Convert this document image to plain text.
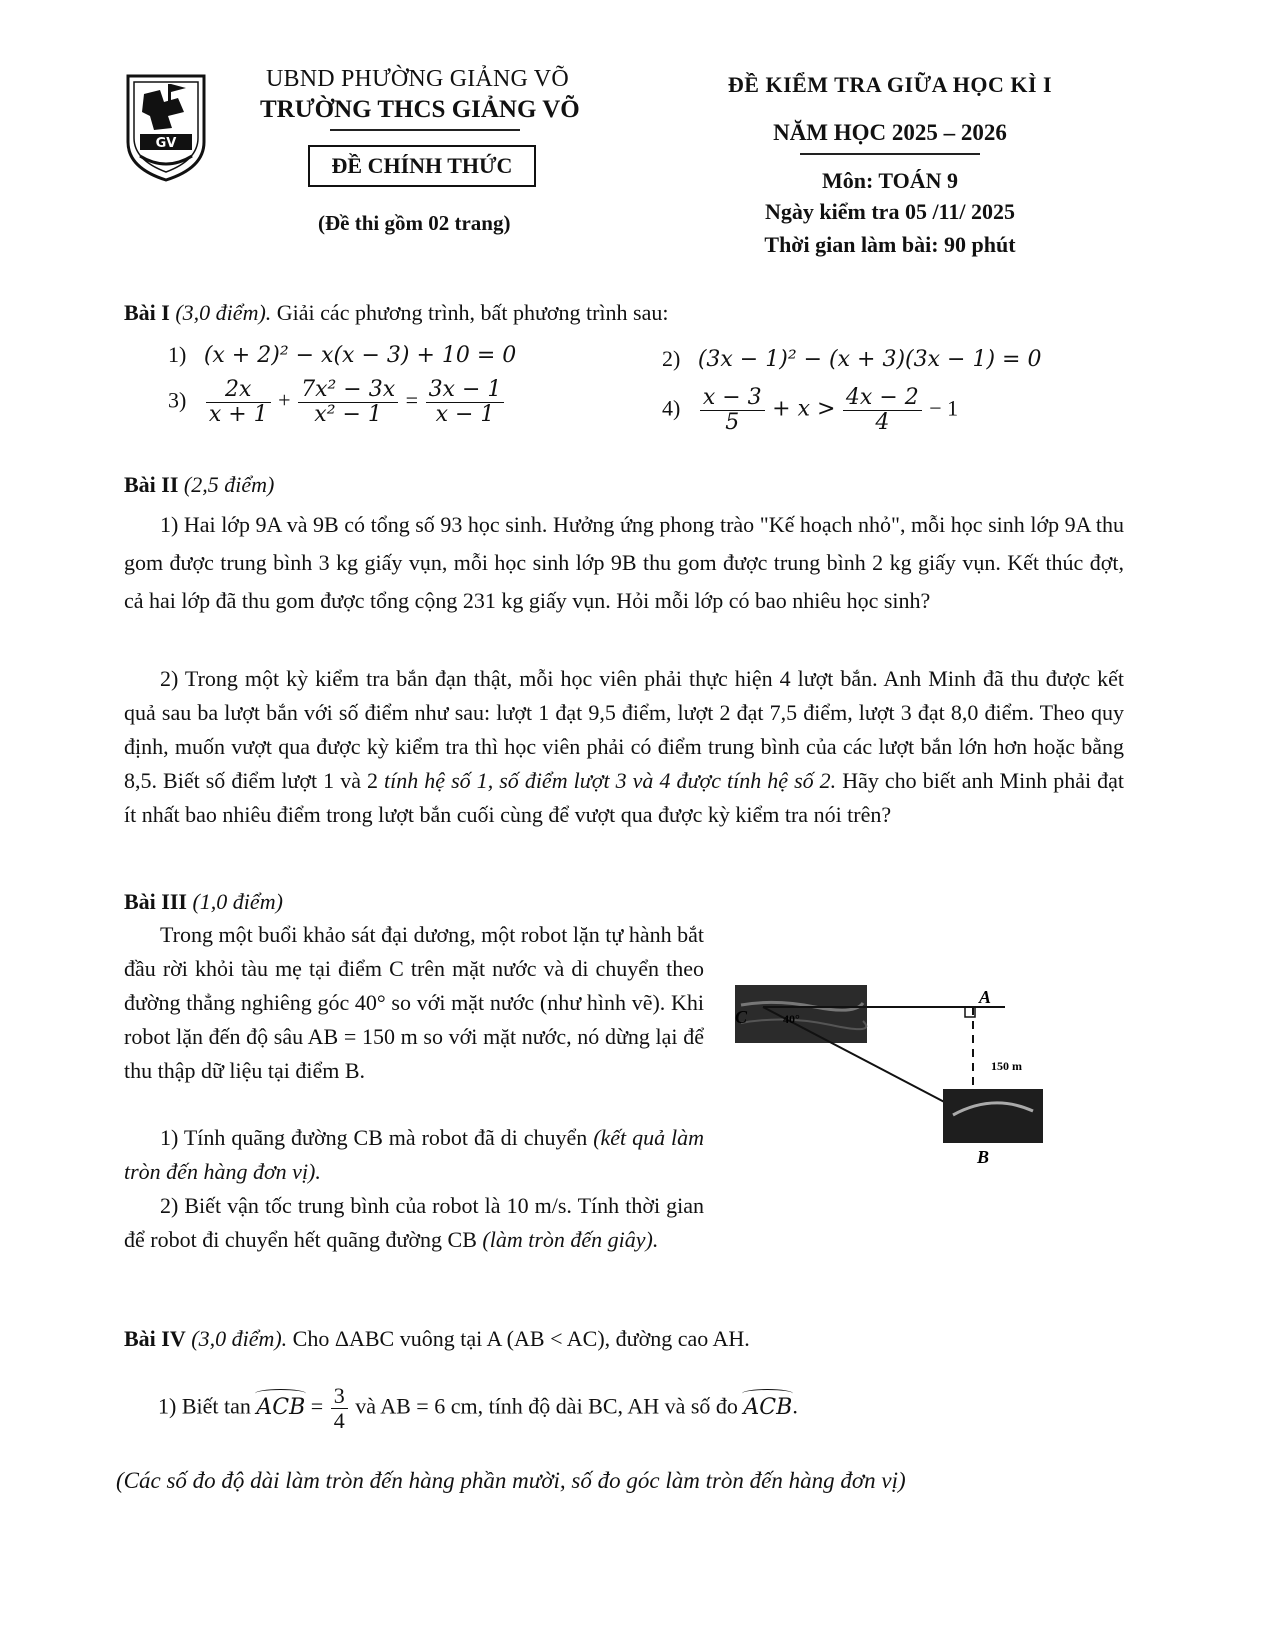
GV
UBND PHƯỜNG GIẢNG VÕ
TRƯỜNG THCS GIẢNG VÕ
ĐỀ CHÍNH THỨC
(Đề thi gồm 02 trang)
ĐỀ KIỂM TRA GIỮA HỌC KÌ I
NĂM HỌC 2025 – 2026
Môn: TOÁN 9
Ngày kiểm tra 05 /11/ 2025
Thời gian làm bài: 90 phút
Bài I (3,0 điểm). Giải các phương trình, bất phương trình sau:
1) (x + 2)² − x(x − 3) + 10 = 0	2) (3x − 1)² − (x + 3)(3x − 1) = 0
$3) \frac{2x}{x + 1} + \frac{\text{7x² − 3x}}{\text{x² − 1}} = \frac{3x - 1}{x - 1}$	$4) \frac{x - 3}{5} + x > \frac{4x - 2}{4} - 1$
Bài II (2,5 điểm)
1) Hai lớp 9A và 9B có tổng số 93 học sinh. Hưởng ứng phong trào "Kế hoạch nhỏ", mỗi học sinh lớp 9A thu gom được trung bình 3 kg giấy vụn, mỗi học sinh lớp 9B thu gom được trung bình 2 kg giấy vụn. Kết thúc đợt, cả hai lớp đã thu gom được tổng cộng 231 kg giấy vụn. Hỏi mỗi lớp có bao nhiêu học sinh?
2) Trong một kỳ kiểm tra bắn đạn thật, mỗi học viên phải thực hiện 4 lượt bắn. Anh Minh đã thu được kết quả sau ba lượt bắn với số điểm như sau: lượt 1 đạt 9,5 điểm, lượt 2 đạt 7,5 điểm, lượt 3 đạt 8,0 điểm. Theo quy định, muốn vượt qua được kỳ kiểm tra thì học viên phải có điểm trung bình của các lượt bắn lớn hơn hoặc bằng 8,5. Biết số điểm lượt 1 và 2 tính hệ số 1, số điểm lượt 3 và 4 được tính hệ số 2. Hãy cho biết anh Minh phải đạt ít nhất bao nhiêu điểm trong lượt bắn cuối cùng để vượt qua được kỳ kiểm tra nói trên?
Bài III (1,0 điểm)
Trong một buổi khảo sát đại dương, một robot lặn tự hành bắt đầu rời khỏi tàu mẹ tại điểm C trên mặt nước và di chuyển theo đường thẳng nghiêng góc 40° so với mặt nước (như hình vẽ). Khi robot lặn đến độ sâu AB = 150 m so với mặt nước, nó dừng lại để thu thập dữ liệu tại điểm B.
1) Tính quãng đường CB mà robot đã di chuyển (kết quả làm tròn đến hàng đơn vị).
2) Biết vận tốc trung bình của robot là 10 m/s. Tính thời gian để robot đi chuyển hết quãng đường CB (làm tròn đến giây).
C	40°
A
150 m
B
Bài IV (3,0 điểm). Cho ΔABC vuông tại A (AB < AC), đường cao AH.
1) Biết tan ACB = $\frac{3}{4}$ và AB = 6 cm, tính độ dài BC, AH và số đo ACB.
(Các số đo độ dài làm tròn đến hàng phần mười, số đo góc làm tròn đến hàng đơn vị)
